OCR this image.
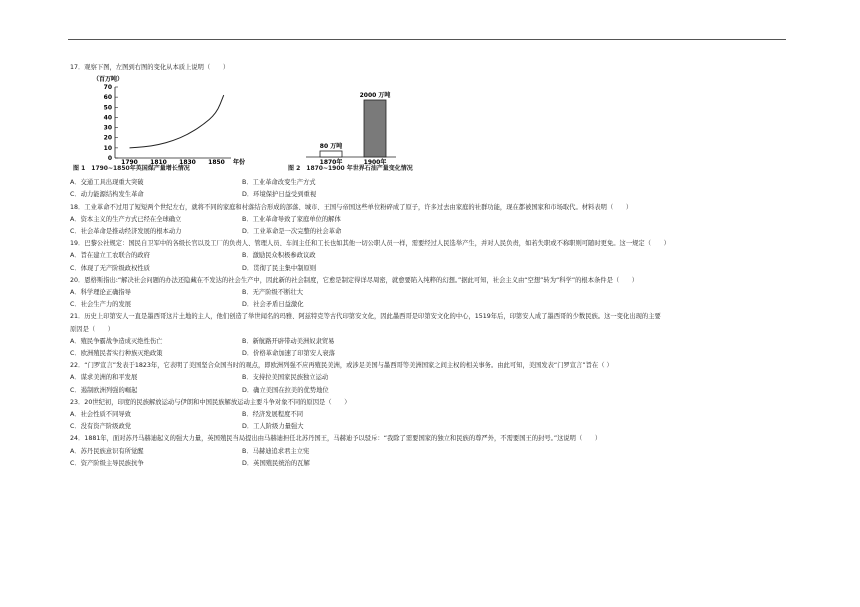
17．观察下图，左图到右图的变化从本质上说明（　　）
（百万吨）
70
60
50
40
30
20
10
0
1790 1810 1830 1850 年份
图 1　1790~1850年英国煤产量增长情况
80 万吨
2000 万吨
1870年	1900年
图 2　1870~1900 年世界石油产量变化情况
A．交通工具出现重大突破	B．工业革命改变生产方式
C．动力能源结构发生革命	D．环境保护日益受到重视
18．工业革命不过用了短短两个世纪左右，就将不同的家庭和村落结合形成的部落、城市、王国与帝国这些单位粉碎成了原子，许多过去由家庭的社群功能，现在都被国家和市场取代。材料表明（　　）
A．资本主义的生产方式已经在全球确立	B．工业革命导致了家庭单位的解体
C．社会革命是推动经济发展的根本动力	D．工业革命是一次完整的社会革命
19．巴黎公社规定：国民自卫军中的各级长官以及工厂的负责人、管理人员、车间主任和工长也如其他一切公职人员一样，需要经过人民选举产生，并对人民负责，如若失职或不称职则可随时更免。这一规定（　　）
A．旨在建立工农联合的政府	B．激励民众积极参政议政
C．体现了无产阶级政权性质	D．贯彻了民主集中制原则
20．恩格斯指出:“解决社会问题的办法还隐藏在不发达的社会生产中，因此新的社会制度，它愈是制定得详尽周密，就愈要陷入纯粹的幻想。”据此可知，社会主义由“空想”转为“科学”的根本条件是（　　）
A．科学理论正确指导	B．无产阶级不断壮大
C．社会生产力的发展	D．社会矛盾日益激化
21．历史上印第安人一直是墨西哥这片土地的主人，他们创造了举世闻名的玛雅、阿兹特克等古代印第安文化，因此墨西哥是印第安文化的中心，1519年后，印第安人成了墨西哥的少数民族。这一变化出现的主要
原因是（　　）
A．殖民争霸战争造成灭绝性伤亡	B．新航路开辟带动美洲奴隶贸易
C．欧洲殖民者实行种族灭绝政策	D．价格革命加速了印第安人衰落
22．“门罗宣言”发表于1823年，它表明了美国坚合众国当时的观点，即欧洲列强不应再殖民美洲，或涉足美国与墨西哥等美洲国家之间主权的相关事务。由此可知，美国发表“门罗宣言”旨在（ ）
A．谋求美洲的和平发展	B．支持拉美国家民族独立运动
C．遏制欧洲列强的崛起	D．确立美国在拉美的优势地位
23．20世纪初，印度的民族解放运动与伊朗和中国民族解放运动主要斗争对象不同的原因是（　　）
A．社会性质不同导致	B．经济发展程度不同
C．没有资产阶级政党	D．工人阶级力量强大
24．1881年，面对苏丹马赫迪起义的强大力量，英国殖民当局提出由马赫迪担任北苏丹国王，马赫迪予以驳斥：“我除了需要国家的独立和民族的尊严外，不需要国王的封号。”这说明（　　）
A．苏丹民族意识有所觉醒	B．马赫迪追求君主立宪
C．资产阶级主导民族抗争	D．英国殖民统治的瓦解
